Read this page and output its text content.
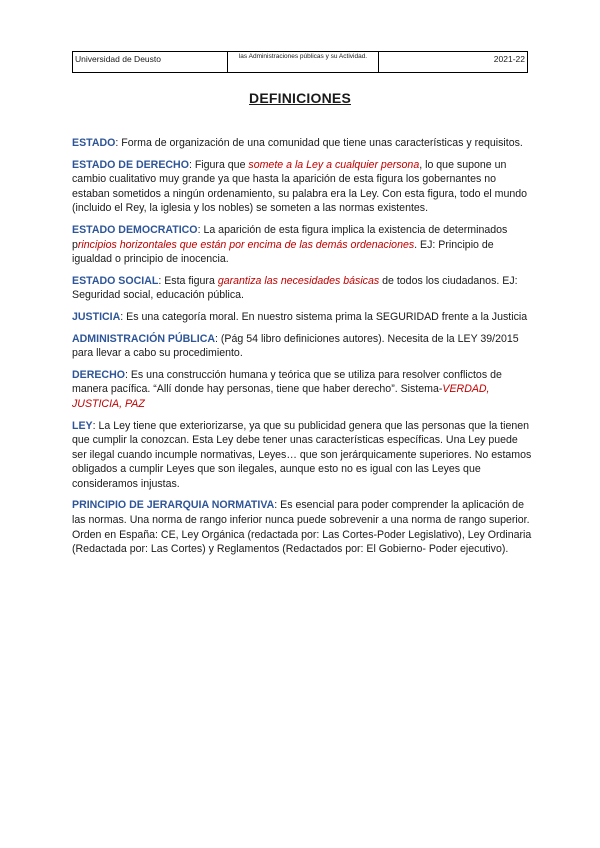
Universidad de Deusto	las Administraciones públicas y su Actividad.	2021-22
DEFINICIONES

ESTADO: Forma de organización de una comunidad que tiene unas características y requisitos.

ESTADO DE DERECHO: Figura que somete a la Ley a cualquier persona, lo que supone un cambio cualitativo muy grande ya que hasta la aparición de esta figura los gobernantes no estaban sometidos a ningún ordenamiento, su palabra era la Ley. Con esta figura, todo el mundo (incluido el Rey, la iglesia y los nobles) se someten a las normas existentes.

ESTADO DEMOCRATICO: La aparición de esta figura implica la existencia de determinados principios horizontales que están por encima de las demás ordenaciones. EJ: Principio de igualdad o principio de inocencia.

ESTADO SOCIAL: Esta figura garantiza las necesidades básicas de todos los ciudadanos. EJ: Seguridad social, educación pública.

JUSTICIA: Es una categoría moral. En nuestro sistema prima la SEGURIDAD frente a la Justicia

ADMINISTRACIÓN PÚBLICA: (Pág 54 libro definiciones autores). Necesita de la LEY 39/2015 para llevar a cabo su procedimiento.

DERECHO: Es una construcción humana y teórica que se utiliza para resolver conflictos de manera pacífica. “Allí donde hay personas, tiene que haber derecho”. Sistema-VERDAD, JUSTICIA, PAZ

LEY: La Ley tiene que exteriorizarse, ya que su publicidad genera que las personas que la tienen que cumplir la conozcan. Esta Ley debe tener unas características específicas. Una Ley puede ser ilegal cuando incumple normativas, Leyes… que son jerárquicamente superiores. No estamos obligados a cumplir Leyes que son ilegales, aunque esto no es igual con las Leyes que consideramos injustas.

PRINCIPIO DE JERARQUIA NORMATIVA: Es esencial para poder comprender la aplicación de las normas. Una norma de rango inferior nunca puede sobrevenir a una norma de rango superior. Orden en España: CE, Ley Orgánica (redactada por: Las Cortes-Poder Legislativo), Ley Ordinaria (Redactada por: Las Cortes) y Reglamentos (Redactados por: El Gobierno- Poder ejecutivo).
